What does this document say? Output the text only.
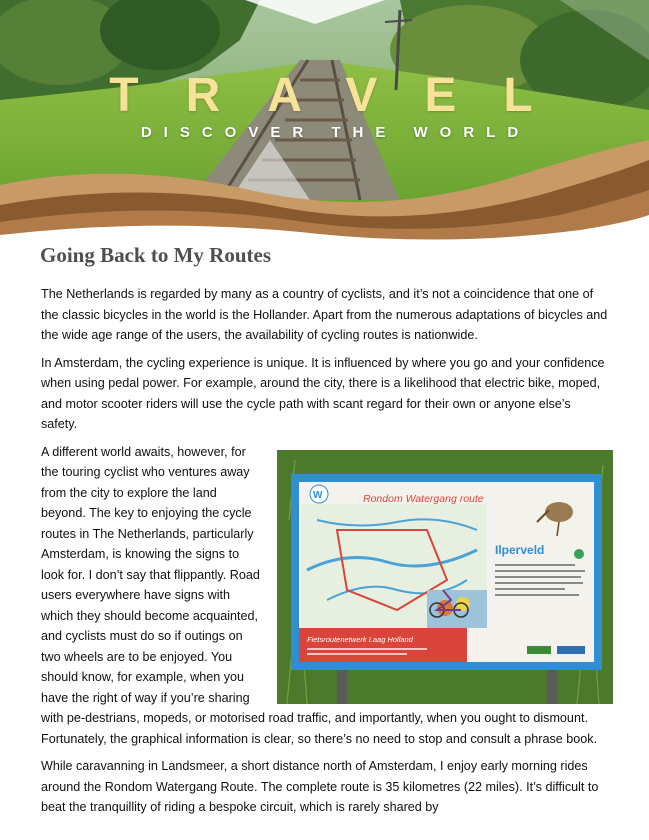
TRAVEL
DISCOVER THE WORLD
Going Back to My Routes

The Netherlands is regarded by many as a country of cyclists, and it’s not a coincidence that one of the classic bicycles in the world is the Hollander. Apart from the numerous adaptations of bicycles and the wide age range of the users, the availability of cycling routes is nationwide.

In Amsterdam, the cycling experience is unique. It is influenced by where you go and your confidence when using pedal power. For example, around the city, there is a likelihood that electric bike, moped, and motor scooter riders will use the cycle path with scant regard for their own or anyone else’s safety.

Rondom Watergang route
W
Ilperveld
Fietsroutenetwerk Laag Holland

A different world awaits, however, for the touring cyclist who ventures away from the city to explore the land beyond. The key to enjoying the cycle routes in The Netherlands, particularly Amsterdam, is knowing the signs to look for. I don’t say that flippantly. Road users everywhere have signs with which they should become acquainted, and cyclists must do so if outings on two wheels are to be enjoyed. You should know, for example, when you have the right of way if you’re sharing with pe-destrians, mopeds, or motorised road traffic, and importantly, when you ought to dismount. Fortunately, the graphical information is clear, so there’s no need to stop and consult a phrase book.

While caravanning in Landsmeer, a short distance north of Amsterdam, I enjoy early morning rides around the Rondom Watergang Route. The complete route is 35 kilometres (22 miles). It’s difficult to beat the tranquillity of riding a bespoke circuit, which is rarely shared by
